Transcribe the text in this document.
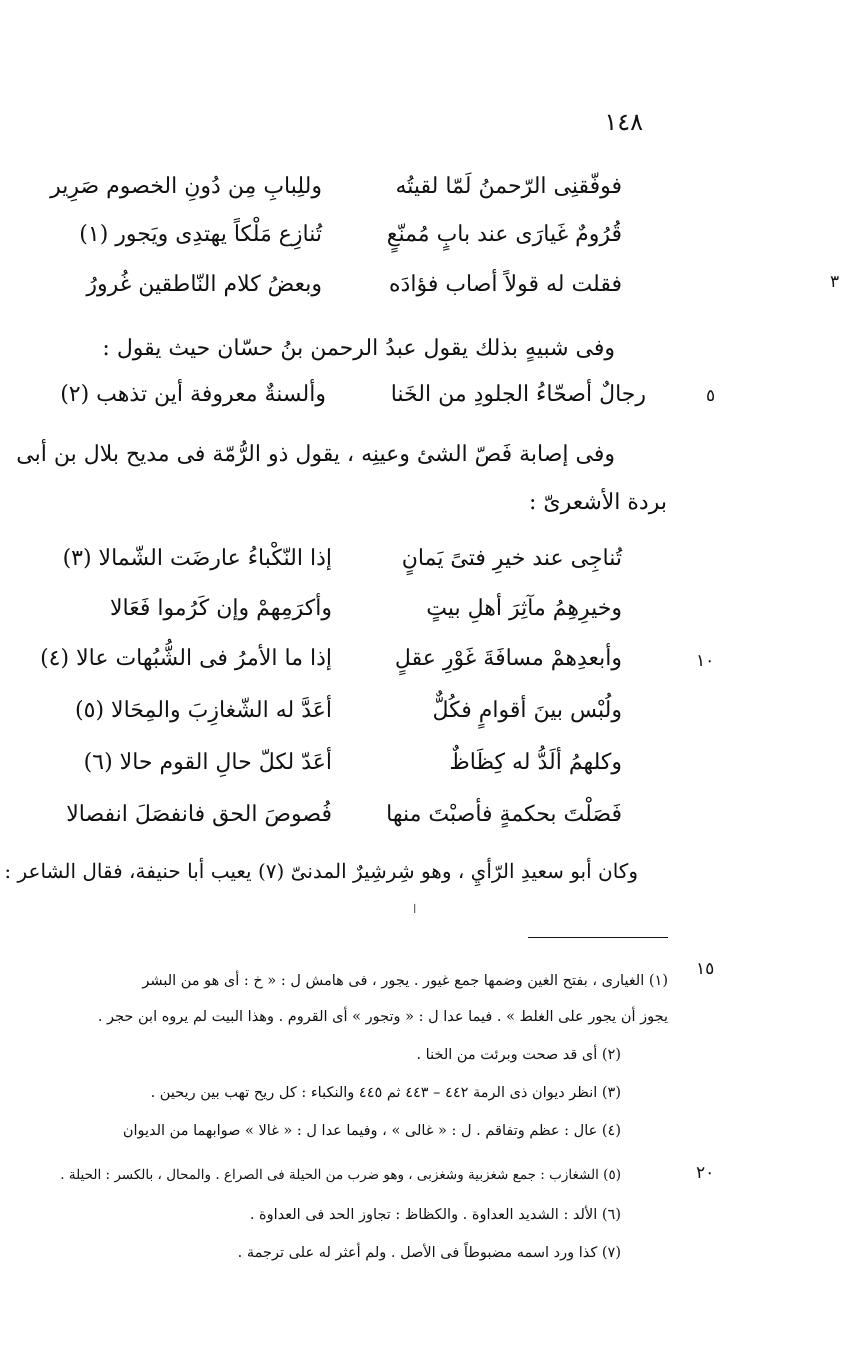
١٤٨
٣
٥
١٠
١٥
٢٠
فوفّقنِى الرّحمنُ لَمّا لقيتُه
وللِبابِ مِن دُونِ الخصوم صَرِير
قُرُومٌ غَيارَى عند بابٍ مُمنّعٍ
تُنازِع مَلْكاً يهتدِى ويَجور (١)
فقلت له قولاً أصاب فؤادَه
وبعضُ كلام النّاطقين غُرورُ
وفى شبيهٍ بذلك يقول عبدُ الرحمن بنُ حسّان حيث يقول :
رجالٌ أصحّاءُ الجلودِ من الخَنا
وألسنةٌ معروفة أين تذهب (٢)
وفى إصابة فَصّ الشئ وعينِه ، يقول ذو الرُّمّة فى مديح بلال بن أبى
بردة الأشعرىّ :
تُناجِى عند خيرِ فتىً يَمانٍ
إذا النّكْباءُ عارضَت الشّمالا (٣)
وخيرِهِمُ مآثِرَ أهلِ بيتٍ
وأكرَمِهمْ وإن كَرُموا فَعَالا
وأبعدِهمْ مسافَةَ غَوْرِ عقلٍ
إذا ما الأمرُ فى الشُّبُهات عالا (٤)
ولُبْس بينَ أقوامٍ فكُلٌّ
أعَدَّ له الشّغازِبَ والمِحَالا (٥)
وكلهمُ ألَدُّ له كِظَاظٌ
أعَدّ لكلّ حالِ القوم حالا (٦)
فَصَلْتَ بحكمةٍ فأصبْتَ منها
فُصوصَ الحق فانفصَلَ انفصالا
وكان أبو سعيدِ الرّأيِ ، وهو شِرشِيرٌ المدنىّ (٧) يعيب أبا حنيفة، فقال الشاعر :
ا
(١) الغيارى ، بفتح الغين وضمها جمع غيور . يجور ، فى هامش ل : « خ : أى هو من البشر
يجوز أن يجور على الغلط » . فيما عدا ل : « وتجور » أى القروم . وهذا البيت لم يروه ابن حجر .
(٢) أى قد صحت وبرئت من الخنا .
(٣) انظر ديوان ذى الرمة ٤٤٢ – ٤٤٣ ثم ٤٤٥ والنكباء : كل ريح تهب بين ريحين .
(٤) عال : عظم وتفاقم . ل : « غالى » ، وفيما عدا ل : « غالا » صوابهما من الديوان
(٥) الشغازب : جمع شغزبية وشغزبى ، وهو ضرب من الحيلة فى الصراع . والمحال ، بالكسر : الحيلة .
(٦) الألد : الشديد العداوة . والكظاظ : تجاوز الحد فى العداوة .
(٧) كذا ورد اسمه مضبوطاً فى الأصل . ولم أعثر له على ترجمة .
